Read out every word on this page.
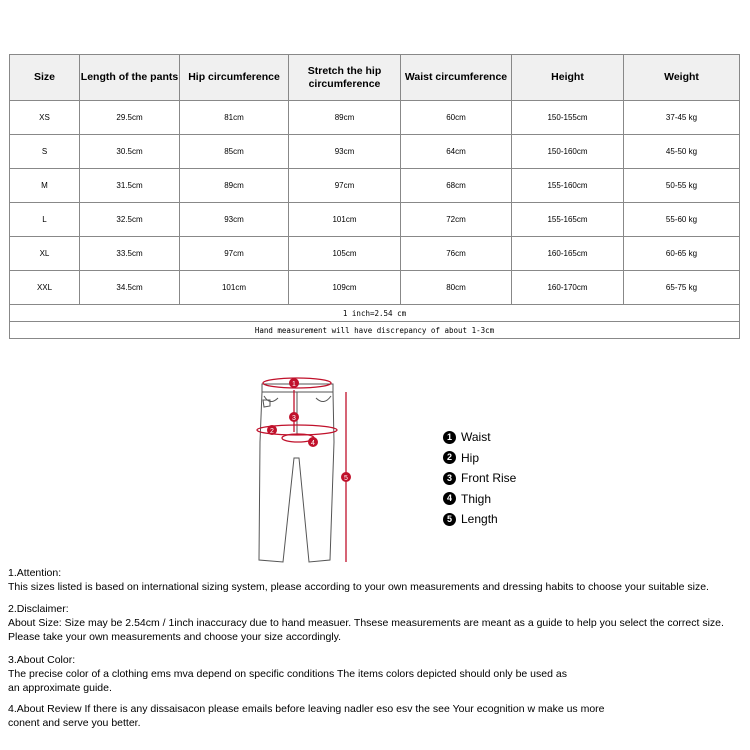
Size	Length of the pants	Hip circumference	Stretch the hip circumference	Waist circumference	Height	Weight
XS	29.5cm	81cm	89cm	60cm	150-155cm	37-45 kg
S	30.5cm	85cm	93cm	64cm	150-160cm	45-50 kg
M	31.5cm	89cm	97cm	68cm	155-160cm	50-55 kg
L	32.5cm	93cm	101cm	72cm	155-165cm	55-60 kg
XL	33.5cm	97cm	105cm	76cm	160-165cm	60-65 kg
XXL	34.5cm	101cm	109cm	80cm	160-170cm	65-75 kg
1 inch=2.54 cm						
Hand measurement will have discrepancy of about 1-3cm						
1
2
3
4
5
1 Waist
2 Hip
3 Front Rise
4 Thigh
5 Length

1.Attention:

This sizes listed is based on international sizing system, please according to your own measurements and dressing habits to choose your suitable size.

2.Disclaimer:

About Size: Size may be 2.54cm / 1inch inaccuracy due to hand measuer. Thsese measurements are meant as a guide to help you select the correct size.

Please take your own measurements and choose your size accordingly.

3.About Color:

The precise color of a clothing ems mva depend on specific conditions The items colors depicted should only be used as

an approximate guide.

4.About Review If there is any dissaisacon please emails before leaving nadler eso esv the see Your ecognition w make us more

conent and serve you better.
